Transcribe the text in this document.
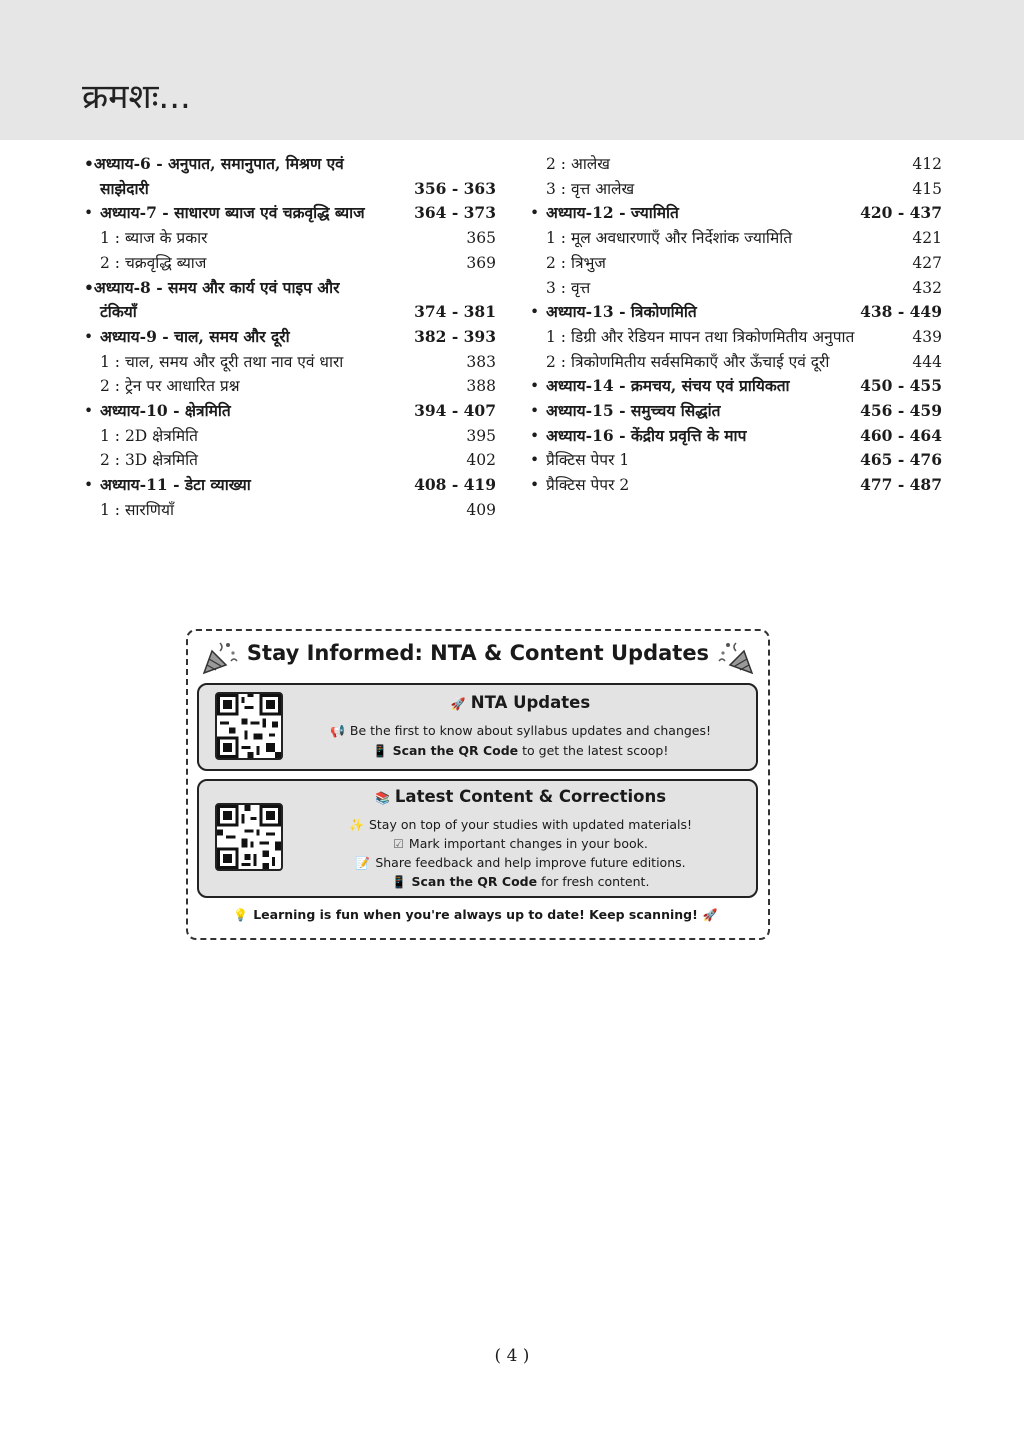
क्रमशः...
• अध्याय-6 - अनुपात, समानुपात, मिश्रण एवं
साझेदारी	356 - 363
• अध्याय-7 - साधारण ब्याज एवं चक्रवृद्धि ब्याज	364 - 373
1 : ब्याज के प्रकार	365
2 : चक्रवृद्धि ब्याज	369
• अध्याय-8 - समय और कार्य एवं पाइप और
टंकियाँ	374 - 381
• अध्याय-9 - चाल, समय और दूरी	382 - 393
1 : चाल, समय और दूरी तथा नाव एवं धारा	383
2 : ट्रेन पर आधारित प्रश्न	388
• अध्याय-10 - क्षेत्रमिति	394 - 407
1 : 2D क्षेत्रमिति	395
2 : 3D क्षेत्रमिति	402
• अध्याय-11 - डेटा व्याख्या	408 - 419
1 : सारणियाँ	409
2 : आलेख	412
3 : वृत्त आलेख	415
• अध्याय-12 - ज्यामिति	420 - 437
1 : मूल अवधारणाएँ और निर्देशांक ज्यामिति	421
2 : त्रिभुज	427
3 : वृत्त	432
• अध्याय-13 - त्रिकोणमिति	438 - 449
1 : डिग्री और रेडियन मापन तथा त्रिकोणमितीय अनुपात	439
2 : त्रिकोणमितीय सर्वसमिकाएँ और ऊँचाई एवं दूरी	444
• अध्याय-14 - क्रमचय, संचय एवं प्रायिकता	450 - 455
• अध्याय-15 - समुच्चय सिद्धांत	456 - 459
• अध्याय-16 - केंद्रीय प्रवृत्ति के माप	460 - 464
• प्रैक्टिस पेपर 1	465 - 476
• प्रैक्टिस पेपर 2	477 - 487
Stay Informed: NTA & Content Updates
🚀 NTA Updates
📢 Be the first to know about syllabus updates and changes!
📱 Scan the QR Code to get the latest scoop!
📚 Latest Content & Corrections
✨ Stay on top of your studies with updated materials!
☑ Mark important changes in your book.
📝 Share feedback and help improve future editions.
📱 Scan the QR Code for fresh content.
💡 Learning is fun when you're always up to date! Keep scanning! 🚀
( 4 )
